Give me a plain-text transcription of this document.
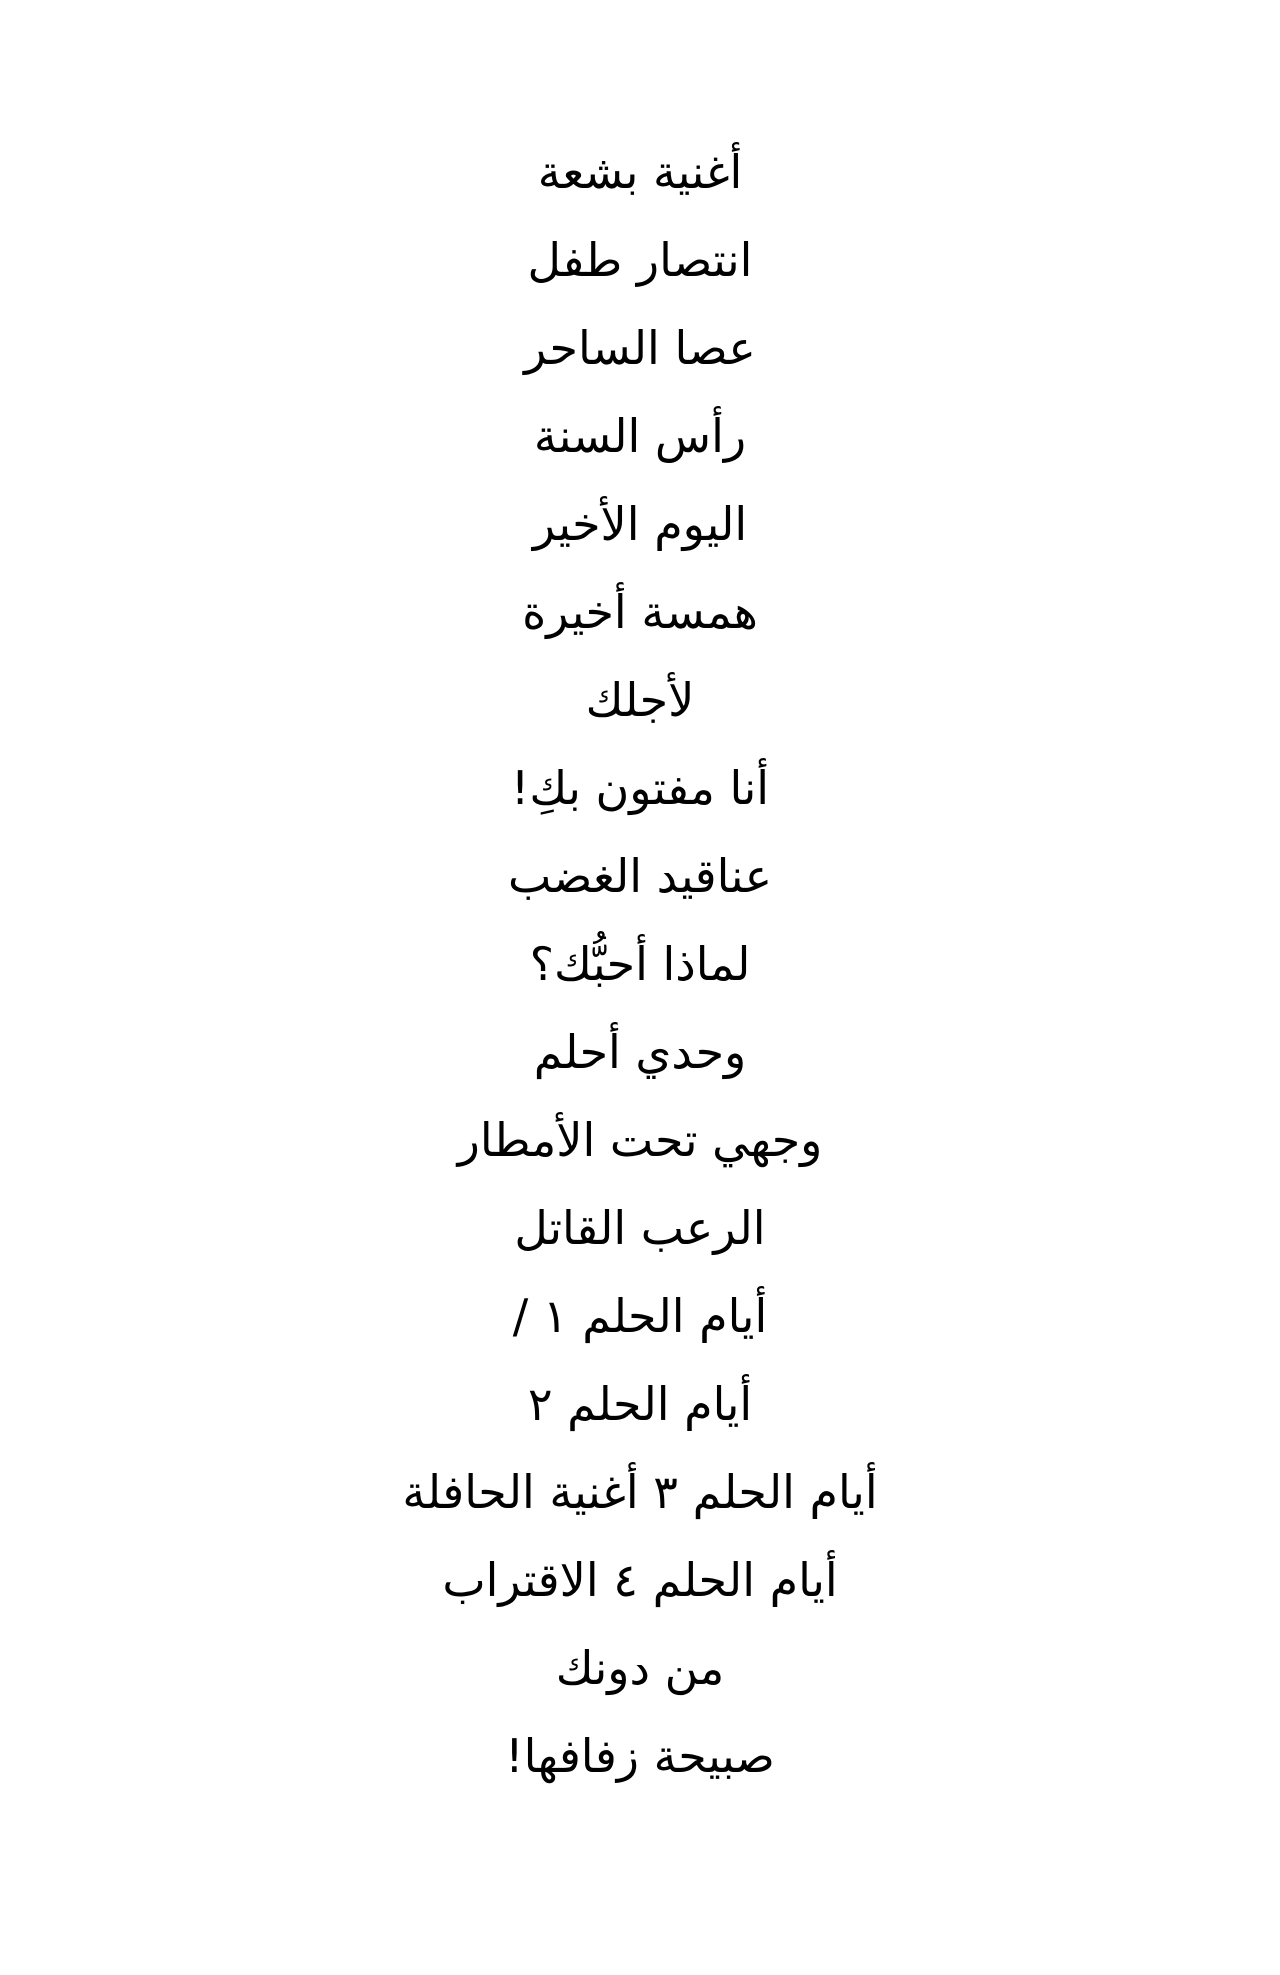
أغنية بشعة
انتصار طفل
عصا الساحر
رأس السنة
اليوم الأخير
همسة أخيرة
لأجلك
أنا مفتون بكِ!
عناقيد الغضب
لماذا أحبُّك؟
وحدي أحلم
وجهي تحت الأمطار
الرعب القاتل
أيام الحلم ١ /
أيام الحلم ٢
أيام الحلم ٣ أغنية الحافلة
أيام الحلم ٤ الاقتراب
من دونك
صبيحة زفافها!
